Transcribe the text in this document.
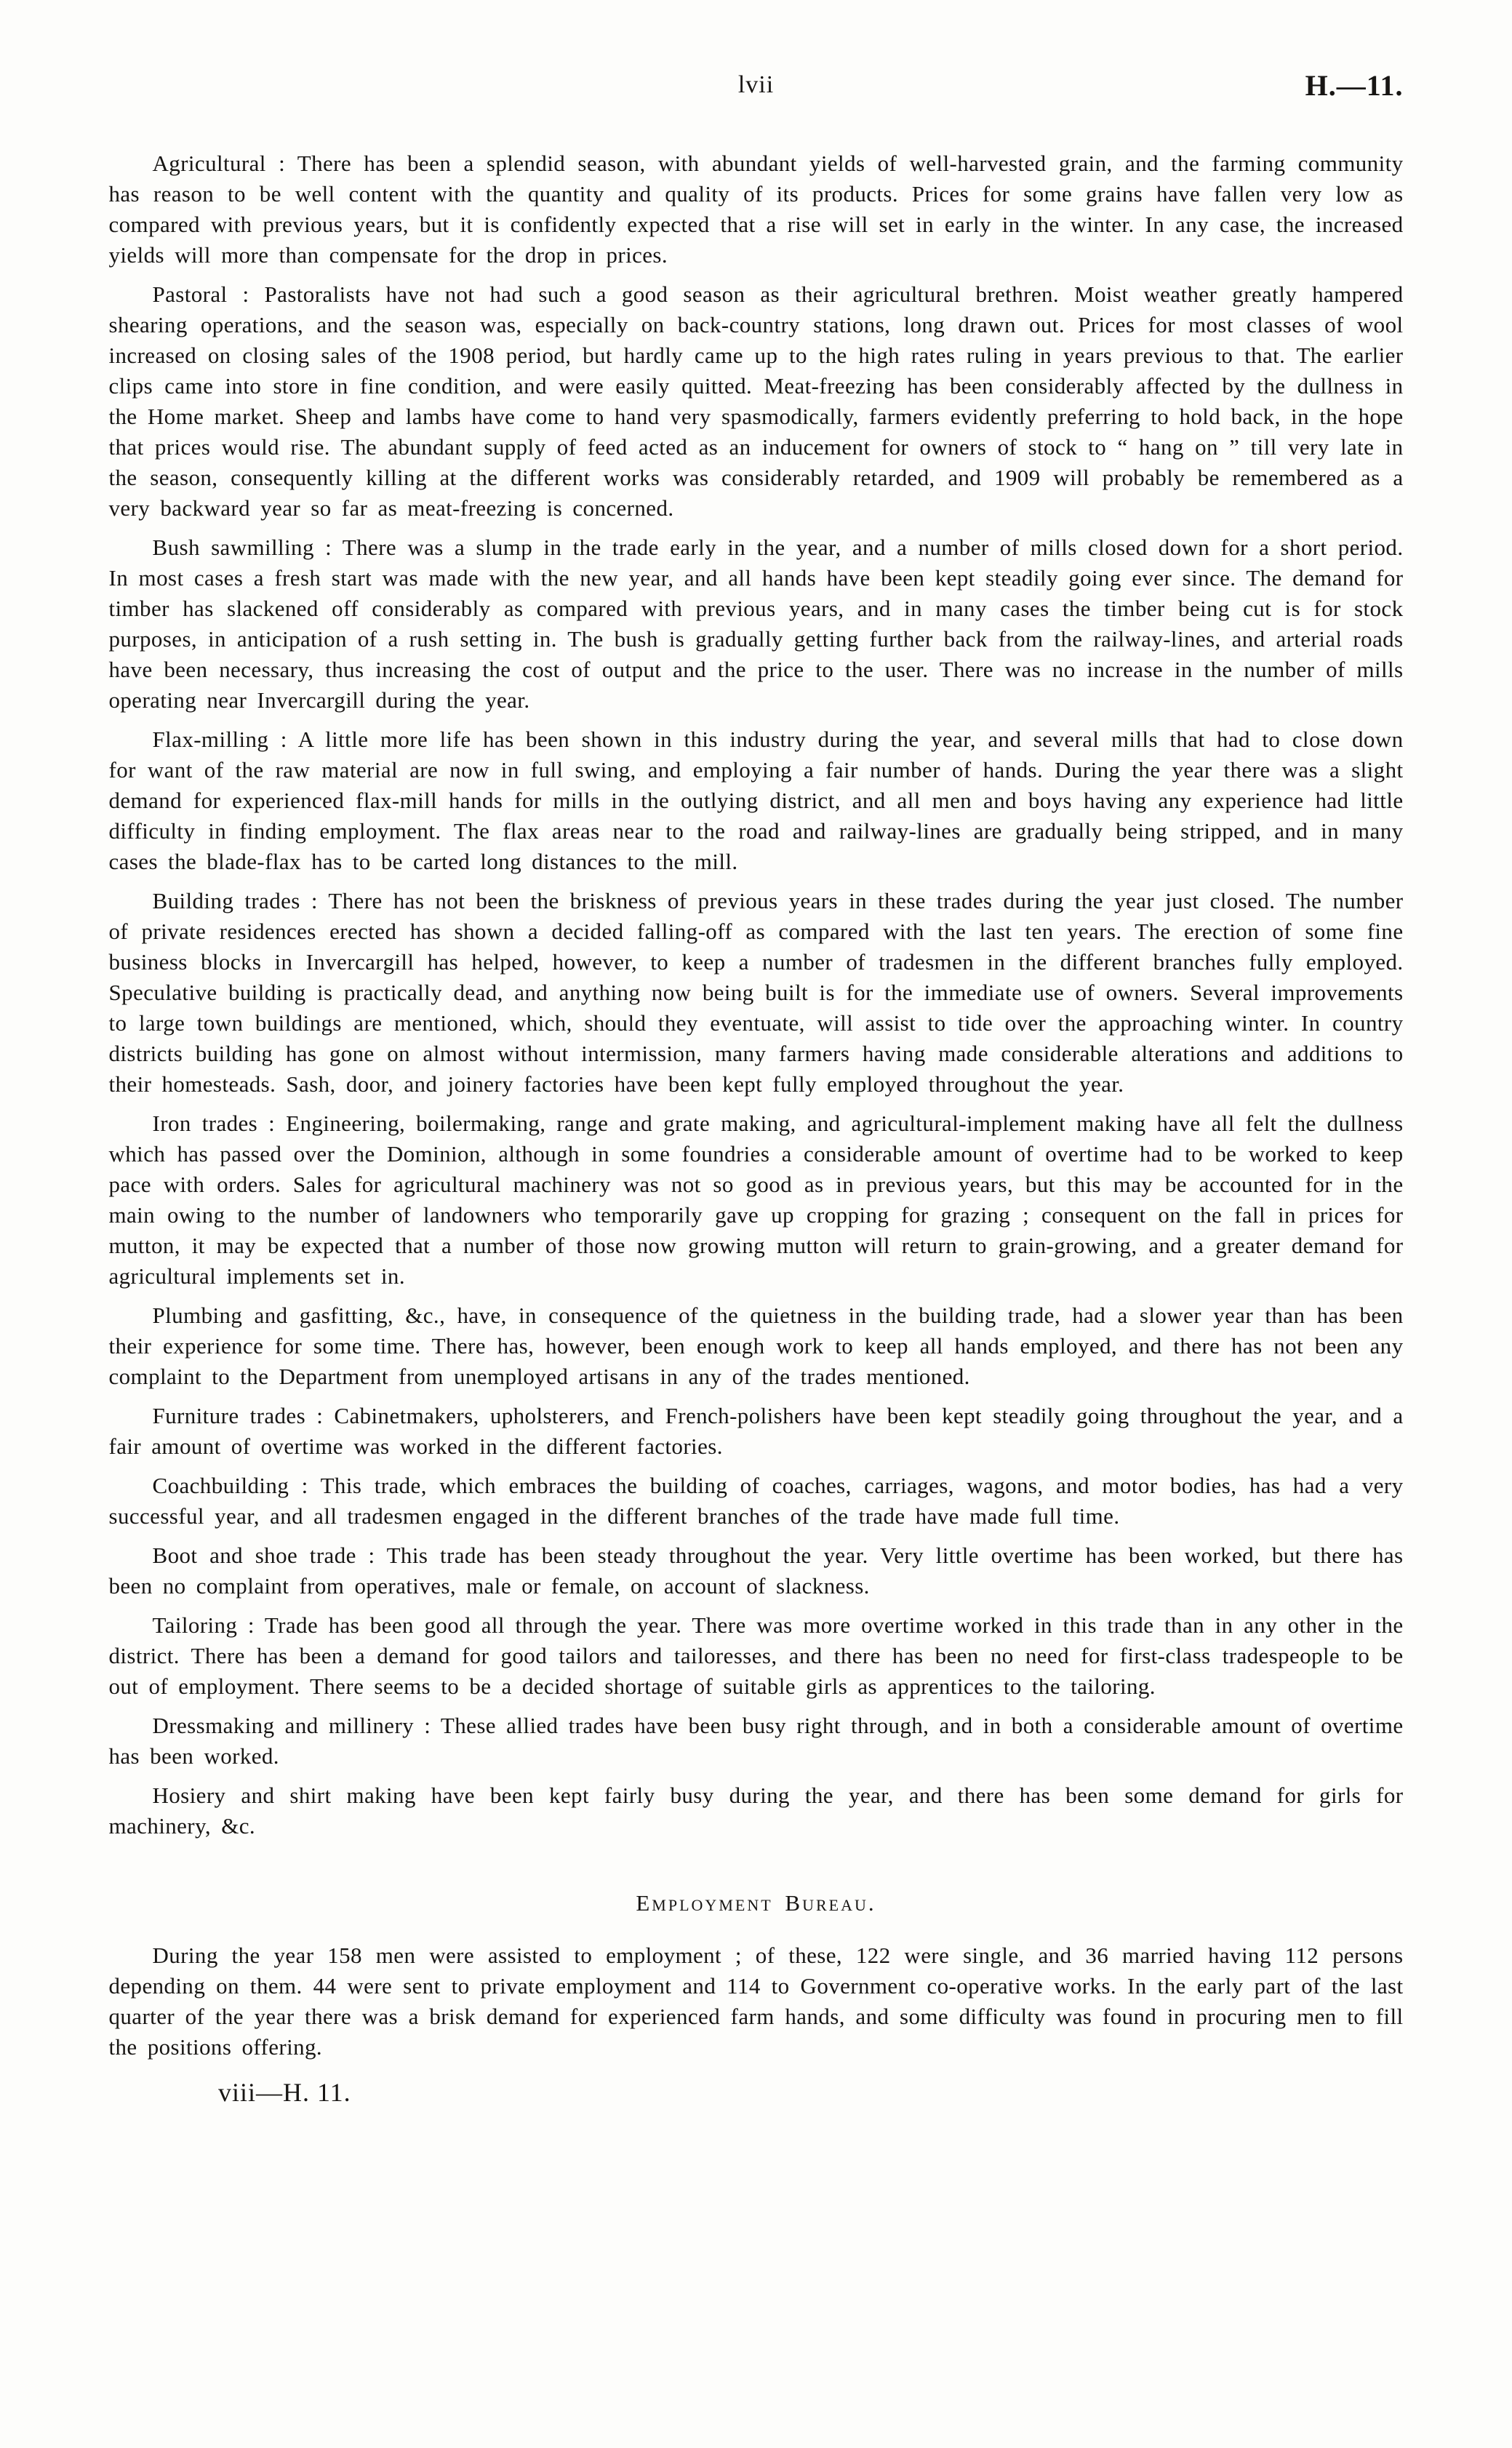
lvii	H.—11.

Agricultural : There has been a splendid season, with abundant yields of well-harvested grain, and the farming community has reason to be well content with the quantity and quality of its products. Prices for some grains have fallen very low as compared with previous years, but it is confidently expected that a rise will set in early in the winter. In any case, the increased yields will more than compensate for the drop in prices.

Pastoral : Pastoralists have not had such a good season as their agricultural brethren. Moist weather greatly hampered shearing operations, and the season was, especially on back-country stations, long drawn out. Prices for most classes of wool increased on closing sales of the 1908 period, but hardly came up to the high rates ruling in years previous to that. The earlier clips came into store in fine condition, and were easily quitted. Meat-freezing has been considerably affected by the dullness in the Home market. Sheep and lambs have come to hand very spasmodically, farmers evidently preferring to hold back, in the hope that prices would rise. The abundant supply of feed acted as an inducement for owners of stock to “ hang on ” till very late in the season, consequently killing at the different works was considerably retarded, and 1909 will probably be remembered as a very backward year so far as meat-freezing is concerned.

Bush sawmilling : There was a slump in the trade early in the year, and a number of mills closed down for a short period. In most cases a fresh start was made with the new year, and all hands have been kept steadily going ever since. The demand for timber has slackened off considerably as compared with previous years, and in many cases the timber being cut is for stock purposes, in anticipation of a rush setting in. The bush is gradually getting further back from the railway-lines, and arterial roads have been necessary, thus increasing the cost of output and the price to the user. There was no increase in the number of mills operating near Invercargill during the year.

Flax-milling : A little more life has been shown in this industry during the year, and several mills that had to close down for want of the raw material are now in full swing, and employing a fair number of hands. During the year there was a slight demand for experienced flax-mill hands for mills in the outlying district, and all men and boys having any experience had little difficulty in finding employment. The flax areas near to the road and railway-lines are gradually being stripped, and in many cases the blade-flax has to be carted long distances to the mill.

Building trades : There has not been the briskness of previous years in these trades during the year just closed. The number of private residences erected has shown a decided falling-off as compared with the last ten years. The erection of some fine business blocks in Invercargill has helped, however, to keep a number of tradesmen in the different branches fully employed. Speculative building is practically dead, and anything now being built is for the immediate use of owners. Several improvements to large town buildings are mentioned, which, should they eventuate, will assist to tide over the approaching winter. In country districts building has gone on almost without intermission, many farmers having made considerable alterations and additions to their homesteads. Sash, door, and joinery factories have been kept fully employed throughout the year.

Iron trades : Engineering, boilermaking, range and grate making, and agricultural-implement making have all felt the dullness which has passed over the Dominion, although in some foundries a considerable amount of overtime had to be worked to keep pace with orders. Sales for agricultural machinery was not so good as in previous years, but this may be accounted for in the main owing to the number of landowners who temporarily gave up cropping for grazing ; consequent on the fall in prices for mutton, it may be expected that a number of those now growing mutton will return to grain-growing, and a greater demand for agricultural implements set in.

Plumbing and gasfitting, &c., have, in consequence of the quietness in the building trade, had a slower year than has been their experience for some time. There has, however, been enough work to keep all hands employed, and there has not been any complaint to the Department from unemployed artisans in any of the trades mentioned.

Furniture trades : Cabinetmakers, upholsterers, and French-polishers have been kept steadily going throughout the year, and a fair amount of overtime was worked in the different factories.

Coachbuilding : This trade, which embraces the building of coaches, carriages, wagons, and motor bodies, has had a very successful year, and all tradesmen engaged in the different branches of the trade have made full time.

Boot and shoe trade : This trade has been steady throughout the year. Very little overtime has been worked, but there has been no complaint from operatives, male or female, on account of slackness.

Tailoring : Trade has been good all through the year. There was more overtime worked in this trade than in any other in the district. There has been a demand for good tailors and tailoresses, and there has been no need for first-class tradespeople to be out of employment. There seems to be a decided shortage of suitable girls as apprentices to the tailoring.

Dressmaking and millinery : These allied trades have been busy right through, and in both a considerable amount of overtime has been worked.

Hosiery and shirt making have been kept fairly busy during the year, and there has been some demand for girls for machinery, &c.

Employment Bureau.

During the year 158 men were assisted to employment ; of these, 122 were single, and 36 married having 112 persons depending on them. 44 were sent to private employment and 114 to Government co-operative works. In the early part of the last quarter of the year there was a brisk demand for experienced farm hands, and some difficulty was found in procuring men to fill the positions offering.

viii—H. 11.
